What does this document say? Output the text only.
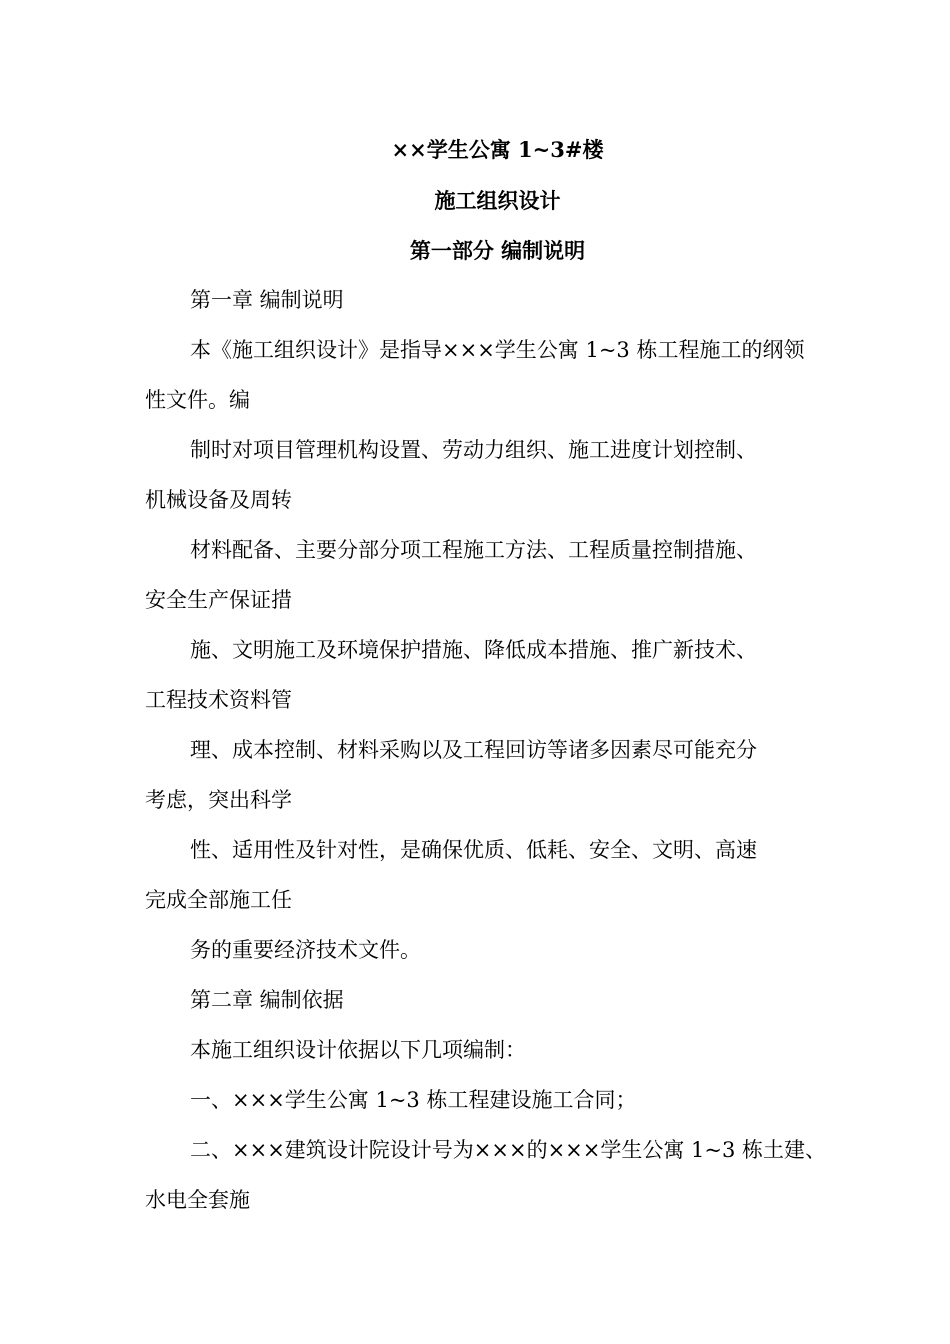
××学生公寓 1~3#楼
施工组织设计
第一部分 编制说明
第一章 编制说明
本《施工组织设计》是指导×××学生公寓 1~3 栋工程施工的纲领
性文件。编
制时对项目管理机构设置、劳动力组织、施工进度计划控制、
机械设备及周转
材料配备、主要分部分项工程施工方法、工程质量控制措施、
安全生产保证措
施、文明施工及环境保护措施、降低成本措施、推广新技术、
工程技术资料管
理、成本控制、材料采购以及工程回访等诸多因素尽可能充分
考虑，突出科学
性、适用性及针对性，是确保优质、低耗、安全、文明、高速
完成全部施工任
务的重要经济技术文件。
第二章 编制依据
本施工组织设计依据以下几项编制：
一、×××学生公寓 1~3 栋工程建设施工合同；
二、×××建筑设计院设计号为×××的×××学生公寓 1~3 栋土建、
水电全套施
